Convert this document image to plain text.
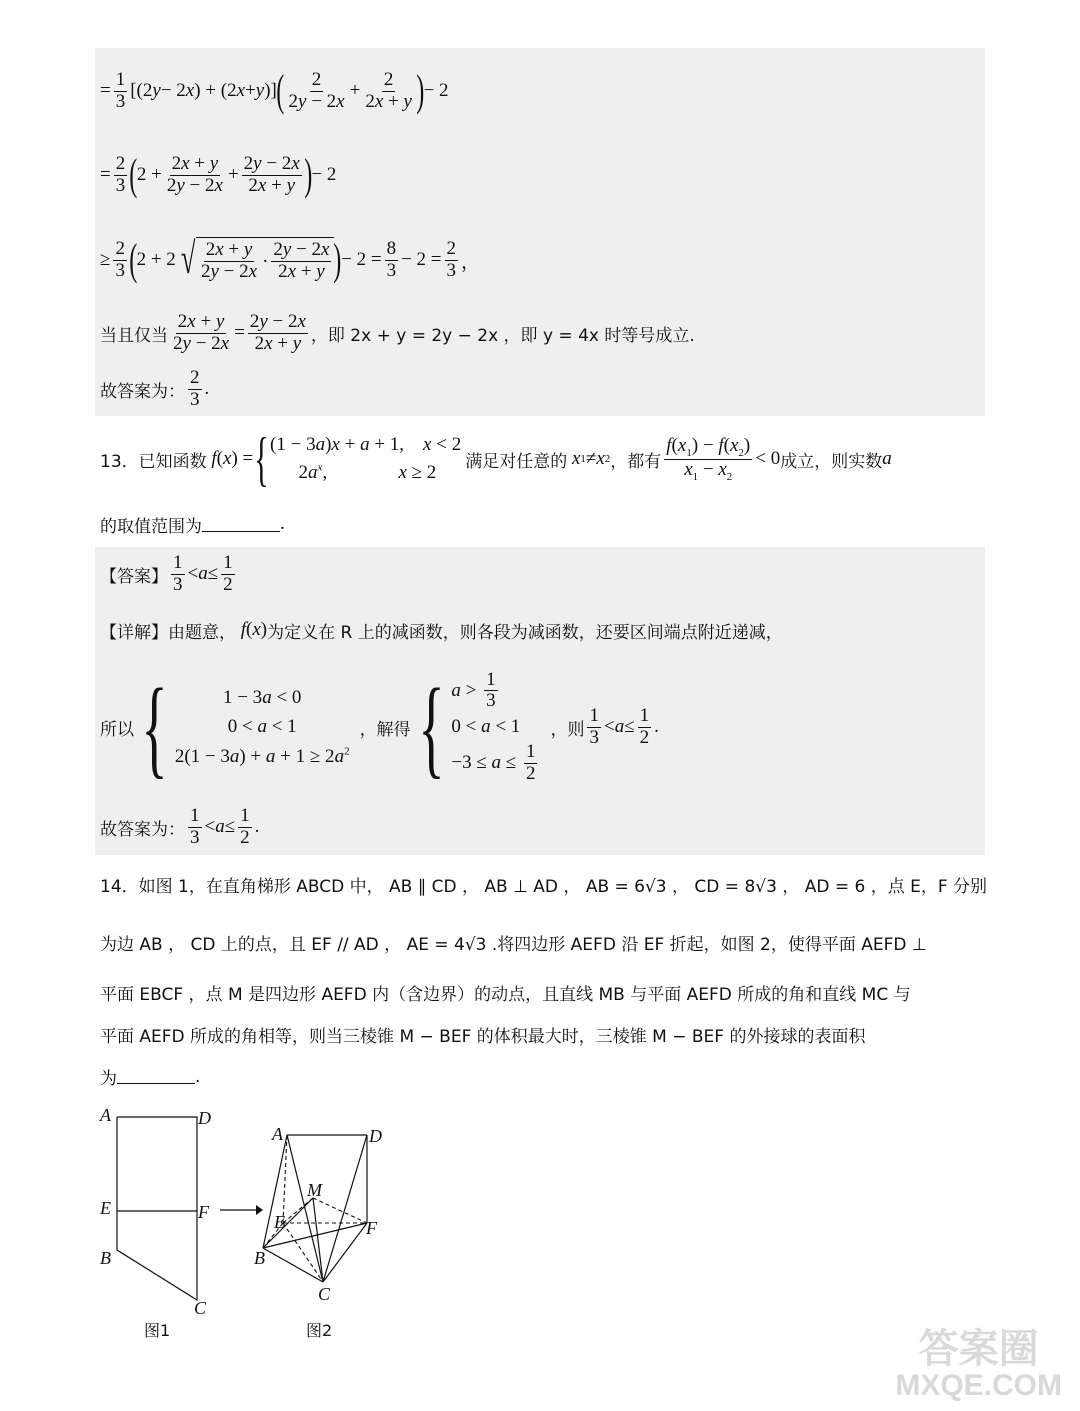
= $\frac{1}{3} [(2$ y − 2 x ) + (2 x + y )] ( $\frac{2}{2y - 2x} + \frac{2}{2x + y}$ ) − 2
= $\frac{2}{3}$ ( $2 + \frac{2x + y}{2y - 2x} + \frac{2y - 2x}{2x + y}$ ) − 2
≥ $\frac{2}{3}$ ( 2 + 2 √ $\frac{2x + y}{2y - 2x} \cdot \frac{2y - 2x}{2x + y}$ ) − $2 = \frac{8}{3} - 2 = \frac{2}{3}$ ，
当且仅当 $\frac{2x + y}{2y - 2x} = \frac{2y - 2x}{2x + y}$ ，即 2x + y = 2y − 2x ，即 y = 4x 时等号成立.
故答案为： $\frac{2}{3}$ .
13． 已知函数
f ( x ) = { (1 − 3a)x + a + 1,    x < 2
$2a^x$,               x ≥ 2
满足对任意的
x 1 ≠ x 2 ，都有 $\frac{f(x_1) - f(x_2)}{x_1 - x_2} < 0$ 成立，则实数 a
的取值范围为	.
【答案】 $\frac{1}{3} < a \le \frac{1}{2}$
【详解】 由题意，
f ( x ) 为定义在 R 上的减函数，则各段为减函数，还要区间端点附近递减，
所以 {	1 − 3a < 0
0 < a < 1
$2(1 - 3a) + a + 1 \ge 2a^2$
，解得 { $a > \frac{1}{3}$
0 < a < 1
$-3 \le a \le \frac{1}{2}$
，则 $\frac{1}{3} < a \le \frac{1}{2}$ .
故答案为： $\frac{1}{3} < a \le \frac{1}{2}$ .
14．如图 1，在直角梯形 ABCD 中， AB ∥ CD ， AB ⊥ AD ， AB = 6√3 ， CD = 8√3 ， AD = 6 ，点 E，F 分别
为边 AB ， CD 上的点，且 EF // AD ， AE = 4√3 .将四边形 AEFD 沿 EF 折起，如图 2，使得平面 AEFD ⊥
平面 EBCF ，点 M 是四边形 AEFD 内（含边界）的动点，且直线 MB 与平面 AEFD 所成的角和直线 MC 与
平面 AEFD 所成的角相等，则当三棱锥 M − BEF 的体积最大时，三棱锥 M − BEF 的外接球的表面积
为	.
A	D
E	F
B
C
图1
A	D
M
E	F
B
C
图2	答案圈
MXQE.COM
